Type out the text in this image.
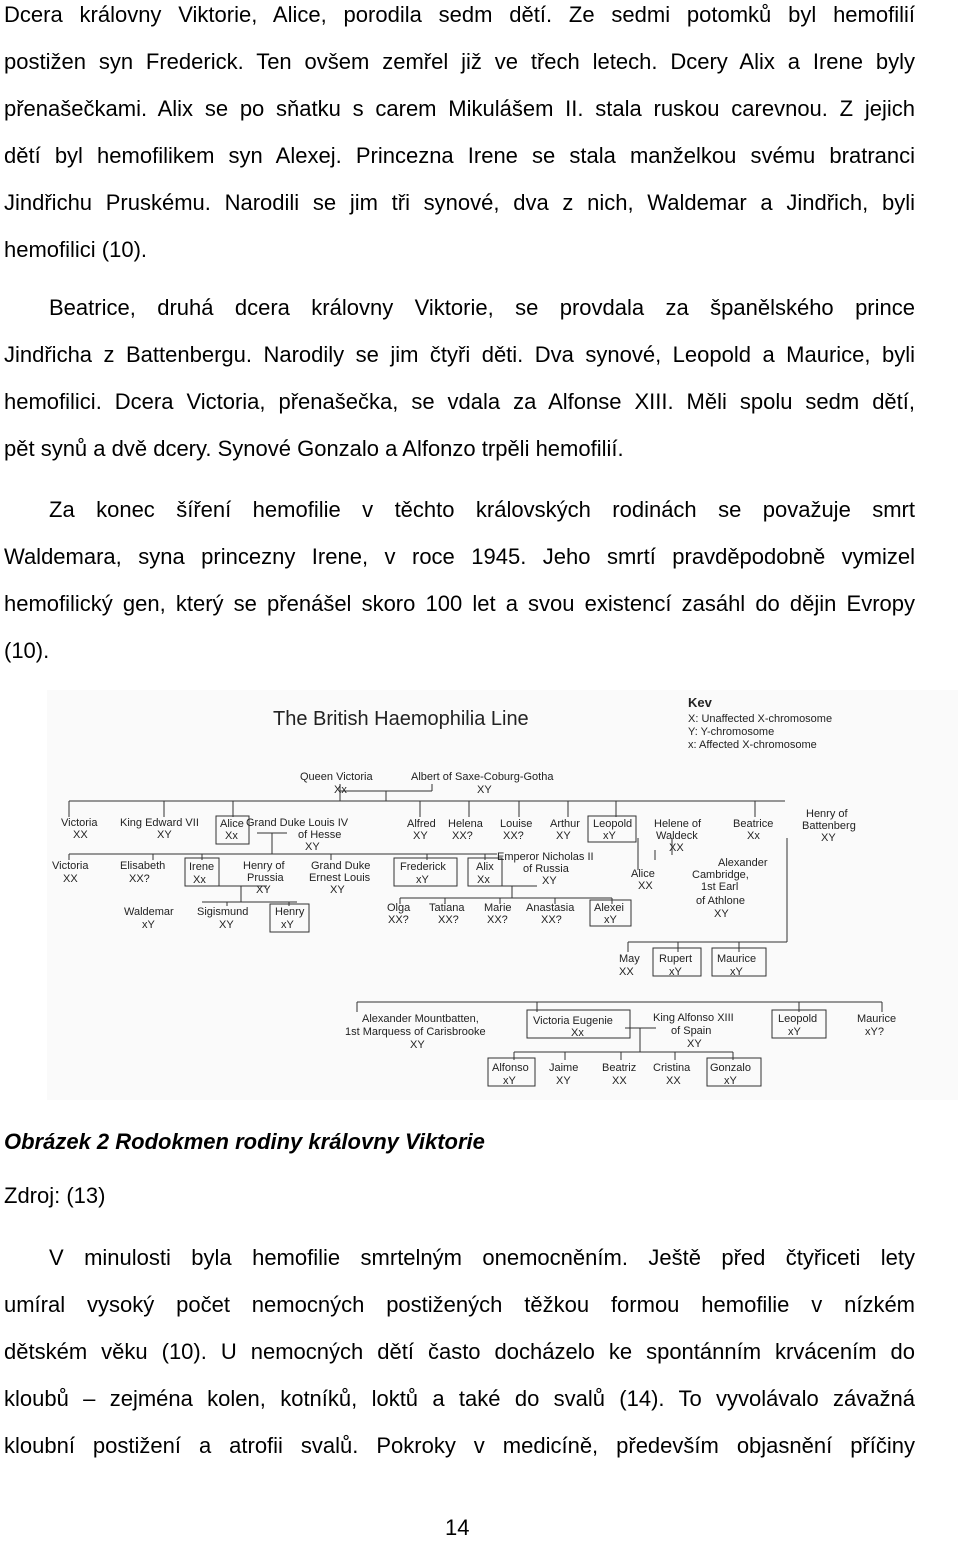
Dcera královny Viktorie, Alice, porodila sedm dětí. Ze sedmi potomků byl hemofilií
postižen syn Frederick. Ten ovšem zemřel již ve třech letech. Dcery Alix a Irene byly
přenašečkami. Alix se po sňatku s carem Mikulášem II. stala ruskou carevnou. Z jejich
dětí byl hemofilikem syn Alexej. Princezna Irene se stala manželkou svému bratranci
Jindřichu Pruskému. Narodili se jim tři synové, dva z nich, Waldemar a Jindřich, byli
hemofilici (10).
Beatrice, druhá dcera královny Viktorie, se provdala za španělského prince
Jindřicha z Battenbergu. Narodily se jim čtyři děti. Dva synové, Leopold a Maurice, byli
hemofilici. Dcera Victoria, přenašečka, se vdala za Alfonse XIII. Měli spolu sedm dětí,
pět synů a dvě dcery. Synové Gonzalo a Alfonzo trpěli hemofilií.
Za konec šíření hemofilie v těchto královských rodinách se považuje smrt
Waldemara, syna princezny Irene, v roce 1945. Jeho smrtí pravděpodobně vymizel
hemofilický gen, který se přenášel skoro 100 let a svou existencí zasáhl do dějin Evropy
(10).
The British Haemophilia Line
Kev
X: Unaffected X-chromosome
Y: Y-chromosome
x: Affected X-chromosome
Queen Victoria
Xx
Albert of Saxe-Coburg-Gotha
XY
Victoria
XX
King Edward VII
XY
Alice
Xx
Grand Duke Louis IV
of Hesse
XY
Alfred
XY
Helena
XX?
Louise
XX?
Arthur
XY
Leopold
xY
Helene of
Waldeck
XX
Beatrice
Xx
Henry of
Battenberg
XY
Victoria
XX
Elisabeth
XX?
Irene
Xx
Henry of
Prussia
XY
Grand Duke
Ernest Louis
XY
Frederick
xY
Alix
Xx
Emperor Nicholas II
of Russia
XY
Alice
XX
Alexander
Cambridge,
1st Earl
of Athlone
XY
Waldemar
xY
Sigismund
XY
Henry
xY
Olga
XX?
Tatiana
XX?
Marie
XX?
Anastasia
XX?
Alexei
xY
May
XX
Rupert
xY
Maurice
xY
Alexander Mountbatten,
1st Marquess of Carisbrooke
XY
Victoria Eugenie
Xx
King Alfonso XIII
of Spain
XY
Leopold
xY
Maurice
xY?
Alfonso
xY
Jaime
XY
Beatriz
XX
Cristina
XX
Gonzalo
xY

Obrázek 2 Rodokmen rodiny královny Viktorie

Zdroj: (13)

V minulosti byla hemofilie smrtelným onemocněním. Ještě před čtyřiceti lety
umíral vysoký počet nemocných postižených těžkou formou hemofilie v nízkém
dětském věku (10). U nemocných dětí často docházelo ke spontánním krvácením do
kloubů – zejména kolen, kotníků, loktů a také do svalů (14). To vyvolávalo závažná
kloubní postižení a atrofii svalů. Pokroky v medicíně, především objasnění příčiny

14
